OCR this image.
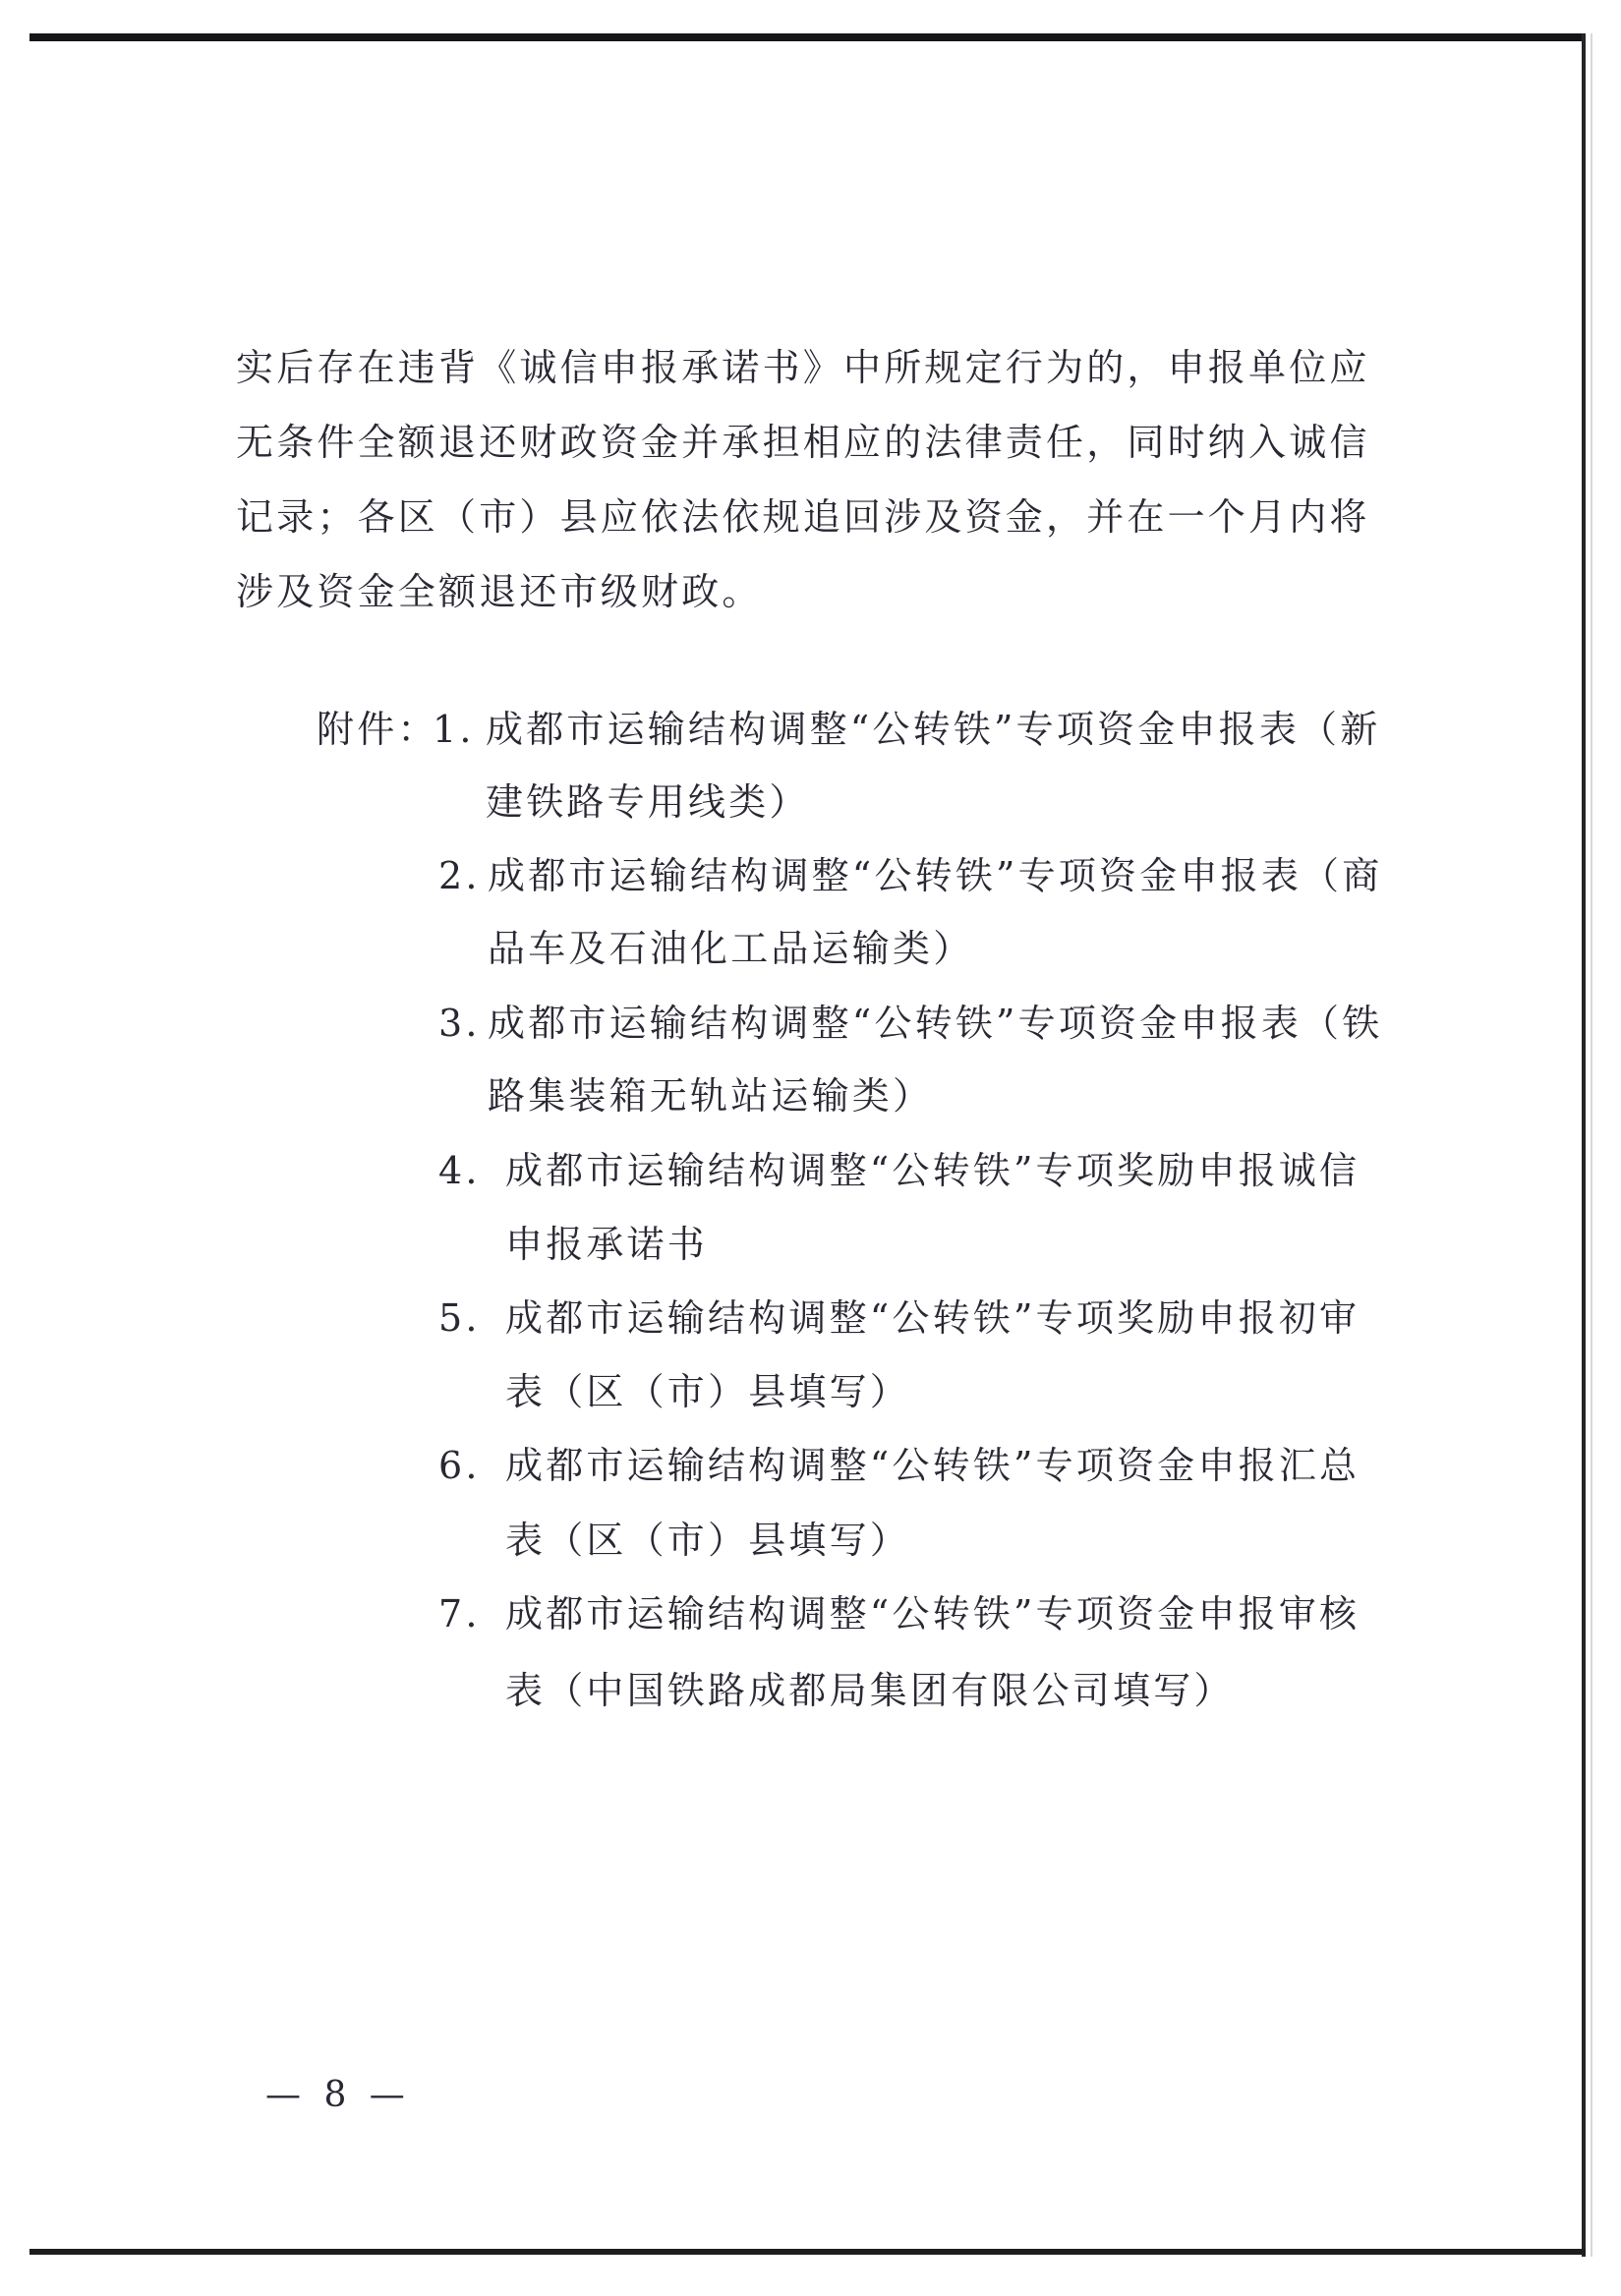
实后存在违背《诚信申报承诺书》中所规定行为的，申报单位应
无条件全额退还财政资金并承担相应的法律责任，同时纳入诚信
记录；各区（市）县应依法依规追回涉及资金，并在一个月内将
涉及资金全额退还市级财政。
附件：
1. 成都市运输结构调整“公转铁”专项资金申报表（新
建铁路专用线类）
2. 成都市运输结构调整“公转铁”专项资金申报表（商
品车及石油化工品运输类）
3. 成都市运输结构调整“公转铁”专项资金申报表（铁
路集装箱无轨站运输类）
4. 成都市运输结构调整“公转铁”专项奖励申报诚信
申报承诺书
5. 成都市运输结构调整“公转铁”专项奖励申报初审
表（区（市）县填写）
6. 成都市运输结构调整“公转铁”专项资金申报汇总
表（区（市）县填写）
7. 成都市运输结构调整“公转铁”专项资金申报审核
表（中国铁路成都局集团有限公司填写）
— 8 —
